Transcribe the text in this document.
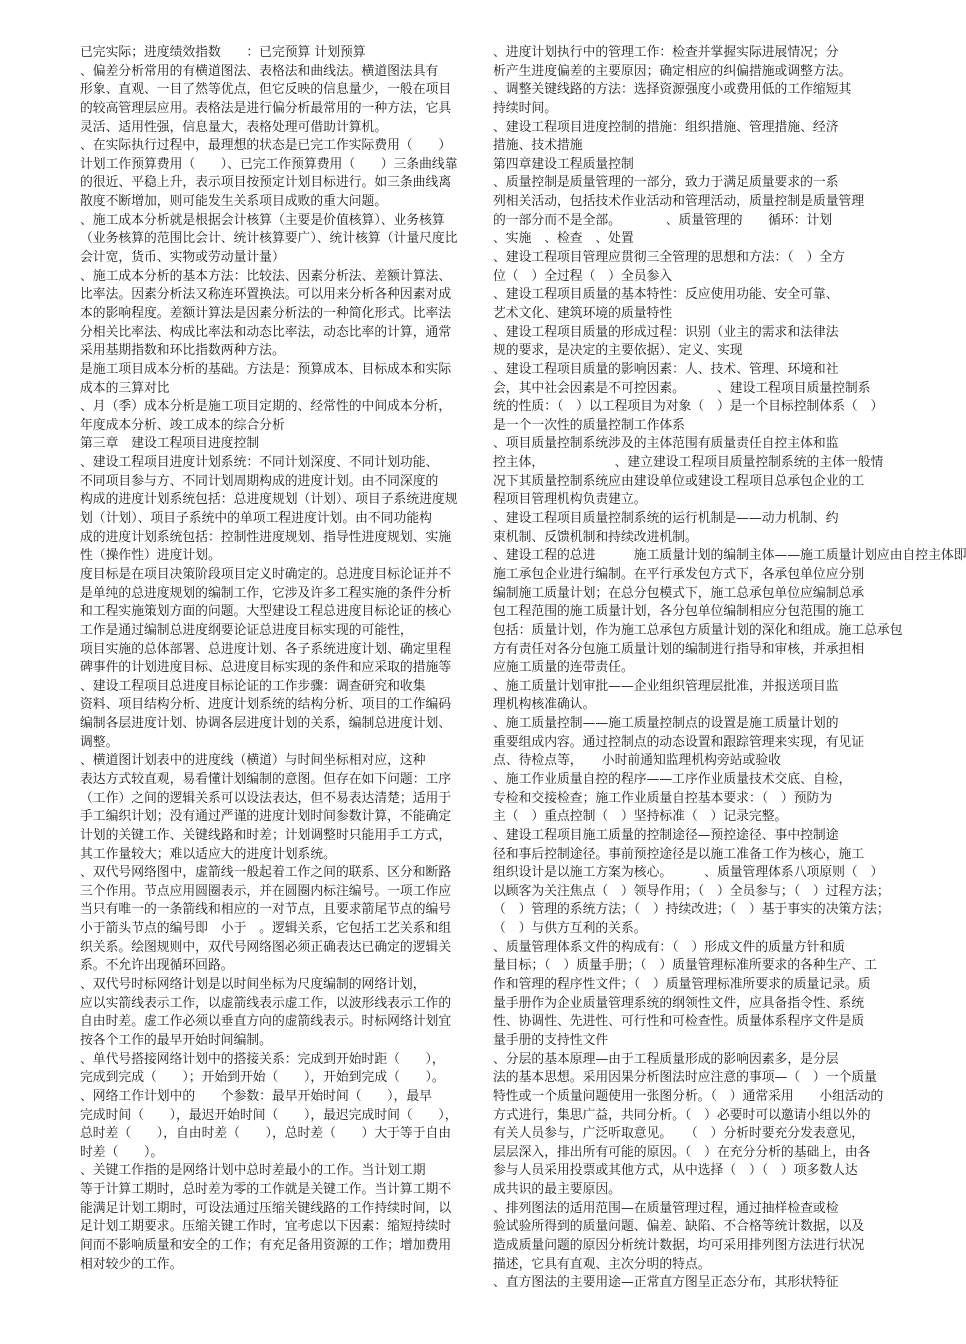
已完实际；进度绩效指数　　：已完预算 计划预算
、偏差分析常用的有横道图法、表格法和曲线法。横道图法具有
形象、直观、一目了然等优点，但它反映的信息量少，一般在项目
的较高管理层应用。表格法是进行偏分析最常用的一种方法，它具
灵活、适用性强，信息量大，表格处理可借助计算机。
、在实际执行过程中，最理想的状态是已完工作实际费用（　　）
计划工作预算费用（　　）、已完工作预算费用（　　）三条曲线靠
的很近、平稳上升，表示项目按预定计划目标进行。如三条曲线离
散度不断增加，则可能发生关系项目成败的重大问题。
、施工成本分析就是根据会计核算（主要是价值核算）、业务核算
（业务核算的范围比会计、统计核算要广）、统计核算（计量尺度比
会计宽，货币、实物或劳动量计量）
、施工成本分析的基本方法：比较法、因素分析法、差额计算法、
比率法。因素分析法又称连环置换法。可以用来分析各种因素对成
本的影响程度。差额计算法是因素分析法的一种简化形式。比率法
分相关比率法、构成比率法和动态比率法，动态比率的计算，通常
采用基期指数和环比指数两种方法。
是施工项目成本分析的基础。方法是：预算成本、目标成本和实际
成本的三算对比
、月（季）成本分析是施工项目定期的、经常性的中间成本分析，
年度成本分析、竣工成本的综合分析
第三章　建设工程项目进度控制
、建设工程项目进度计划系统：不同计划深度、不同计划功能、
不同项目参与方、不同计划周期构成的进度计划。由不同深度的
构成的进度计划系统包括：总进度规划（计划）、项目子系统进度规
划（计划）、项目子系统中的单项工程进度计划。由不同功能构
成的进度计划系统包括：控制性进度规划、指导性进度规划、实施
性（操作性）进度计划。
度目标是在项目决策阶段项目定义时确定的。总进度目标论证并不
是单纯的总进度规划的编制工作，它涉及许多工程实施的条件分析
和工程实施策划方面的问题。大型建设工程总进度目标论证的核心
工作是通过编制总进度纲要论证总进度目标实现的可能性，
项目实施的总体部署、总进度计划、各子系统进度计划、确定里程
碑事件的计划进度目标、总进度目标实现的条件和应采取的措施等
、建设工程项目总进度目标论证的工作步骤：调查研究和收集
资料、项目结构分析、进度计划系统的结构分析、项目的工作编码
编制各层进度计划、协调各层进度计划的关系，编制总进度计划、
调整。
、横道图计划表中的进度线（横道）与时间坐标相对应，这种
表达方式较直观，易看懂计划编制的意图。但存在如下问题：工序
（工作）之间的逻辑关系可以设法表达，但不易表达清楚；适用于
手工编织计划；没有通过严谨的进度计划时间参数计算，不能确定
计划的关键工作、关键线路和时差；计划调整时只能用手工方式，
其工作量较大；难以适应大的进度计划系统。
、双代号网络图中，虚箭线一般起着工作之间的联系、区分和断路
三个作用。节点应用圆圈表示，并在圆圈内标注编号。一项工作应
当只有唯一的一条箭线和相应的一对节点，且要求箭尾节点的编号
小于箭头节点的编号即　小于　。逻辑关系，它包括工艺关系和组
织关系。绘图规则中，双代号网络图必须正确表达已确定的逻辑关
系。不允许出现循环回路。
、双代号时标网络计划是以时间坐标为尺度编制的网络计划，
应以实箭线表示工作，以虚箭线表示虚工作，以波形线表示工作的
自由时差。虚工作必须以垂直方向的虚箭线表示。时标网络计划宜
按各个工作的最早开始时间编制。
、单代号搭接网络计划中的搭接关系：完成到开始时距（　　），
完成到完成（　　）；开始到开始（　　），开始到完成（　　）。
、网络工作计划中的　　个参数：最早开始时间（　　），最早
完成时间（　　），最迟开始时间（　　），最迟完成时间（　　），
总时差（　　），自由时差（　　），总时差（　　）大于等于自由
时差（　　）。
、关键工作指的是网络计划中总时差最小的工作。当计划工期
等于计算工期时，总时差为零的工作就是关键工作。当计算工期不
能满足计划工期时，可设法通过压缩关键线路的工作持续时间，以
足计划工期要求。压缩关键工作时，宜考虑以下因素：缩短持续时
间而不影响质量和安全的工作；有充足备用资源的工作；增加费用
相对较少的工作。
、进度计划执行中的管理工作：检查并掌握实际进展情况；分
析产生进度偏差的主要原因；确定相应的纠偏措施或调整方法。
、调整关键线路的方法：选择资源强度小或费用低的工作缩短其
持续时间。
、建设工程项目进度控制的措施：组织措施、管理措施、经济
措施、技术措施
第四章建设工程质量控制
、质量控制是质量管理的一部分，致力于满足质量要求的一系
列相关活动，包括技术作业活动和管理活动，质量控制是质量管理
的一部分而不是全部。　　　　、质量管理的　　循环：计划
、实施　、检查　、处置
、建设工程项目管理应贯彻三全管理的思想和方法：（　）全方
位（　）全过程（　）全员参入
、建设工程项目质量的基本特性：反应使用功能、安全可靠、
艺术文化、建筑环境的质量特性
、建设工程项目质量的形成过程：识别（业主的需求和法律法
规的要求，是决定的主要依据）、定义、实现
、建设工程项目质量的影响因素：人、技术、管理、环境和社
会，其中社会因素是不可控因素。　　　、建设工程项目质量控制系
统的性质：（　）以工程项目为对象（　）是一个目标控制体系（　）
是一个一次性的质量控制工作体系
、项目质量控制系统涉及的主体范围有质量责任自控主体和监
控主体，　　　　　　、建立建设工程项目质量控制系统的主体一般情
况下其质量控制系统应由建设单位或建设工程项目总承包企业的工
程项目管理机构负责建立。
、建设工程项目质量控制系统的运行机制是——动力机制、约
束机制、反馈机制和持续改进机制。
、建设工程的总进　　　施工质量计划的编制主体——施工质量计划应由自控主体即
施工承包企业进行编制。在平行承发包方式下，各承包单位应分别
编制施工质量计划；在总分包模式下，施工总承包单位应编制总承
包工程范围的施工质量计划，各分包单位编制相应分包范围的施工
包括：质量计划，作为施工总承包方质量计划的深化和组成。施工总承包
方有责任对各分包施工质量计划的编制进行指导和审核，并承担相
应施工质量的连带责任。
、施工质量计划审批——企业组织管理层批准，并报送项目监
理机构核准确认。
、施工质量控制——施工质量控制点的设置是施工质量计划的
重要组成内容。通过控制点的动态设置和跟踪管理来实现，有见证
点、待检点等，　　小时前通知监理机构旁站或验收
、施工作业质量自控的程序——工序作业质量技术交底、自检，
专检和交接检查；施工作业质量自控基本要求：（　）预防为
主（　）重点控制（　）坚持标准（　）记录完整。
、建设工程项目施工质量的控制途径—预控途径、事中控制途
径和事后控制途径。事前预控途径是以施工准备工作为核心，施工
组织设计是以施工方案为核心。　　　、质量管理体系八项原则（　）
以顾客为关注焦点（　）领导作用；（　）全员参与；（　）过程方法；
（　）管理的系统方法；（　）持续改进；（　）基于事实的决策方法；
（　）与供方互利的关系。
、质量管理体系文件的构成有：（　）形成文件的质量方针和质
量目标；（　）质量手册；（　）质量管理标准所要求的各种生产、工
作和管理的程序性文件；（　）质量管理标准所要求的质量记录。质
量手册作为企业质量管理系统的纲领性文件，应具备指令性、系统
性、协调性、先进性、可行性和可检查性。质量体系程序文件是质
量手册的支持性文件
、分层的基本原理—由于工程质量形成的影响因素多，是分层
法的基本思想。采用因果分析图法时应注意的事项—（　）一个质量
特性或一个质量问题使用一张图分析。（　）通常采用　　小组活动的
方式进行，集思广益，共同分析。（　）必要时可以邀请小组以外的
有关人员参与，广泛听取意见。　　（　）分析时要充分发表意见，
层层深入，排出所有可能的原因。（　）在充分分析的基础上，由各
参与人员采用投票或其他方式，从中选择（　）（　）项多数人达
成共识的最主要原因。
、排列图法的适用范围—在质量管理过程，通过抽样检查或检
验试验所得到的质量问题、偏差、缺陷、不合格等统计数据，以及
造成质量问题的原因分析统计数据，均可采用排列图方法进行状况
描述，它具有直观、主次分明的特点。
、直方图法的主要用途—正常直方图呈正态分布，其形状特征
